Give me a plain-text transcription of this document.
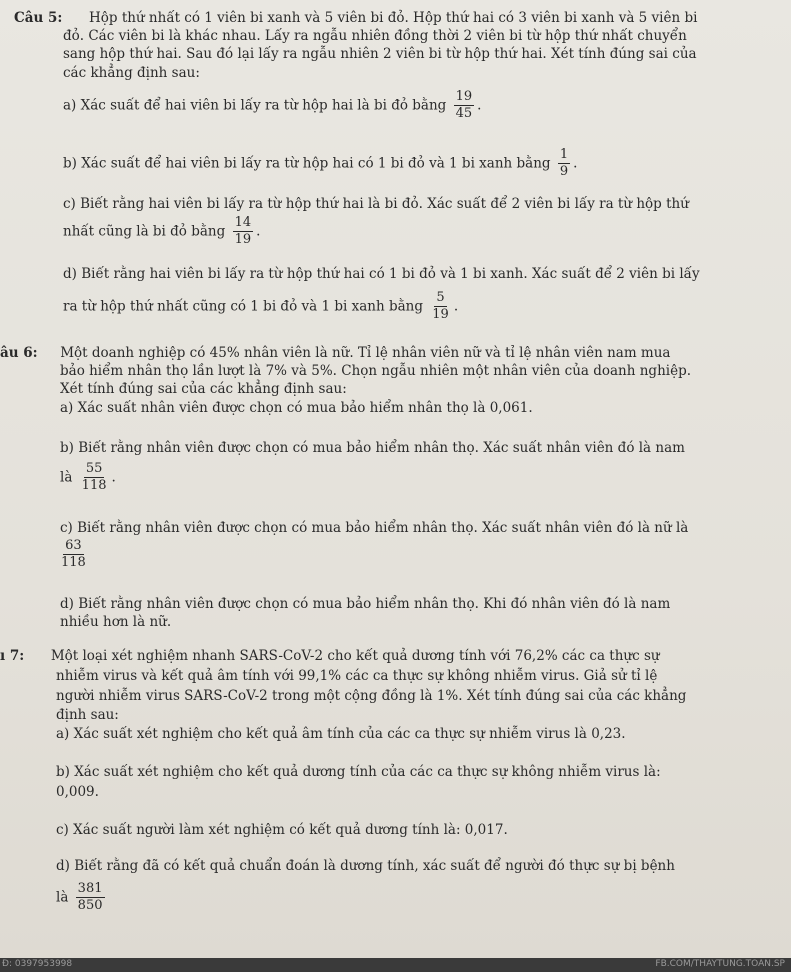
Câu 5: Hộp thứ nhất có 1 viên bi xanh và 5 viên bi đỏ. Hộp thứ hai có 3 viên bi xanh và 5 viên bi
đỏ. Các viên bi là khác nhau. Lấy ra ngẫu nhiên đồng thời 2 viên bi từ hộp thứ nhất chuyển
sang hộp thứ hai. Sau đó lại lấy ra ngẫu nhiên 2 viên bi từ hộp thứ hai. Xét tính đúng sai của
các khẳng định sau:
a) Xác suất để hai viên bi lấy ra từ hộp hai là bi đỏ bằng $\frac{19}{45}$ .
b) Xác suất để hai viên bi lấy ra từ hộp hai có 1 bi đỏ và 1 bi xanh bằng $\frac{1}{9}$ .
c) Biết rằng hai viên bi lấy ra từ hộp thứ hai là bi đỏ. Xác suất để 2 viên bi lấy ra từ hộp thứ
nhất cũng là bi đỏ bằng $\frac{14}{19}$ .
d) Biết rằng hai viên bi lấy ra từ hộp thứ hai có 1 bi đỏ và 1 bi xanh. Xác suất để 2 viên bi lấy
ra từ hộp thứ nhất cũng có 1 bi đỏ và 1 bi xanh bằng $\frac{5}{19}$ .
âu 6: Một doanh nghiệp có 45% nhân viên là nữ. Tỉ lệ nhân viên nữ và tỉ lệ nhân viên nam mua
bảo hiểm nhân thọ lần lượt là 7% và 5%. Chọn ngẫu nhiên một nhân viên của doanh nghiệp.
Xét tính đúng sai của các khẳng định sau:
a) Xác suất nhân viên được chọn có mua bảo hiểm nhân thọ là 0,061.
b) Biết rằng nhân viên được chọn có mua bảo hiểm nhân thọ. Xác suất nhân viên đó là nam
là $\frac{55}{118}$ .
c) Biết rằng nhân viên được chọn có mua bảo hiểm nhân thọ. Xác suất nhân viên đó là nữ là
$\frac{63}{118}$
d) Biết rằng nhân viên được chọn có mua bảo hiểm nhân thọ. Khi đó nhân viên đó là nam
nhiều hơn là nữ.
ı 7: Một loại xét nghiệm nhanh SARS-CoV-2 cho kết quả dương tính với 76,2% các ca thực sự
nhiễm virus và kết quả âm tính với 99,1% các ca thực sự không nhiễm virus. Giả sử tỉ lệ
người nhiễm virus SARS-CoV-2 trong một cộng đồng là 1%. Xét tính đúng sai của các khẳng
định sau:
a) Xác suất xét nghiệm cho kết quả âm tính của các ca thực sự nhiễm virus là 0,23.
b) Xác suất xét nghiệm cho kết quả dương tính của các ca thực sự không nhiễm virus là:
0,009.
c) Xác suất người làm xét nghiệm có kết quả dương tính là: 0,017.
d) Biết rằng đã có kết quả chuẩn đoán là dương tính, xác suất để người đó thực sự bị bệnh
là $\frac{381}{850}$
Đ: 0397953998	FB.COM/THAYTUNG.TOAN.SP
